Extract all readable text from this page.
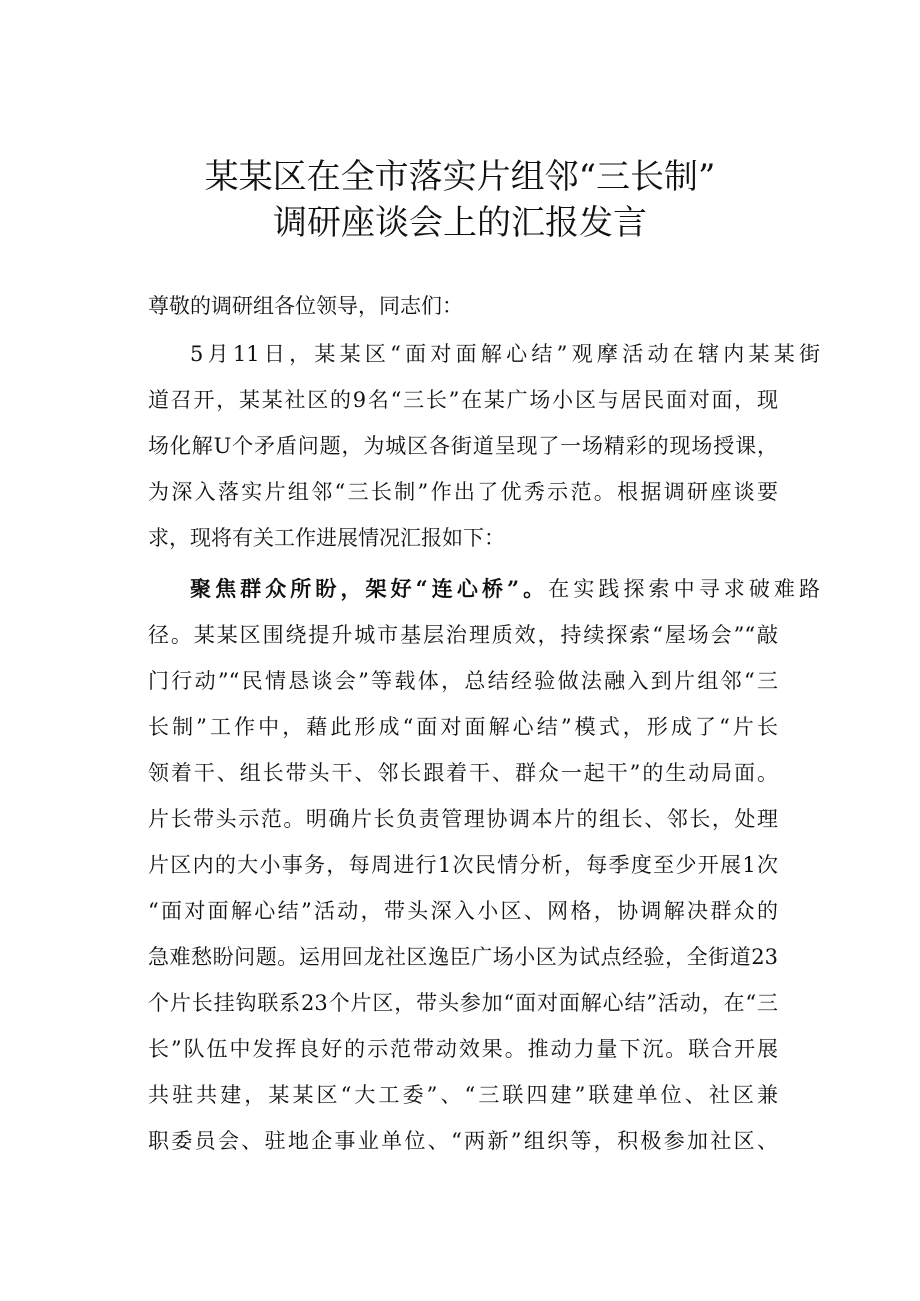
某某区在全市落实片组邻“三长制”
调研座谈会上的汇报发言
尊敬的调研组各位领导，同志们：
5月11日，某某区“面对面解心结”观摩活动在辖内某某街
道召开，某某社区的9名“三长”在某广场小区与居民面对面，现
场化解U个矛盾问题，为城区各街道呈现了一场精彩的现场授课，
为深入落实片组邻“三长制”作出了优秀示范。根据调研座谈要
求，现将有关工作进展情况汇报如下：
聚焦群众所盼，架好“连心桥”。在实践探索中寻求破难路
径。某某区围绕提升城市基层治理质效，持续探索“屋场会”“敲
门行动”“民情恳谈会”等载体，总结经验做法融入到片组邻“三
长制”工作中，藉此形成“面对面解心结”模式，形成了“片长
领着干、组长带头干、邻长跟着干、群众一起干”的生动局面。
片长带头示范。明确片长负责管理协调本片的组长、邻长，处理
片区内的大小事务，每周进行1次民情分析，每季度至少开展1次
“面对面解心结”活动，带头深入小区、网格，协调解决群众的
急难愁盼问题。运用回龙社区逸臣广场小区为试点经验，全街道23
个片长挂钩联系23个片区，带头参加“面对面解心结”活动，在“三
长”队伍中发挥良好的示范带动效果。推动力量下沉。联合开展
共驻共建，某某区“大工委”、“三联四建”联建单位、社区兼
职委员会、驻地企事业单位、“两新”组织等，积极参加社区、
